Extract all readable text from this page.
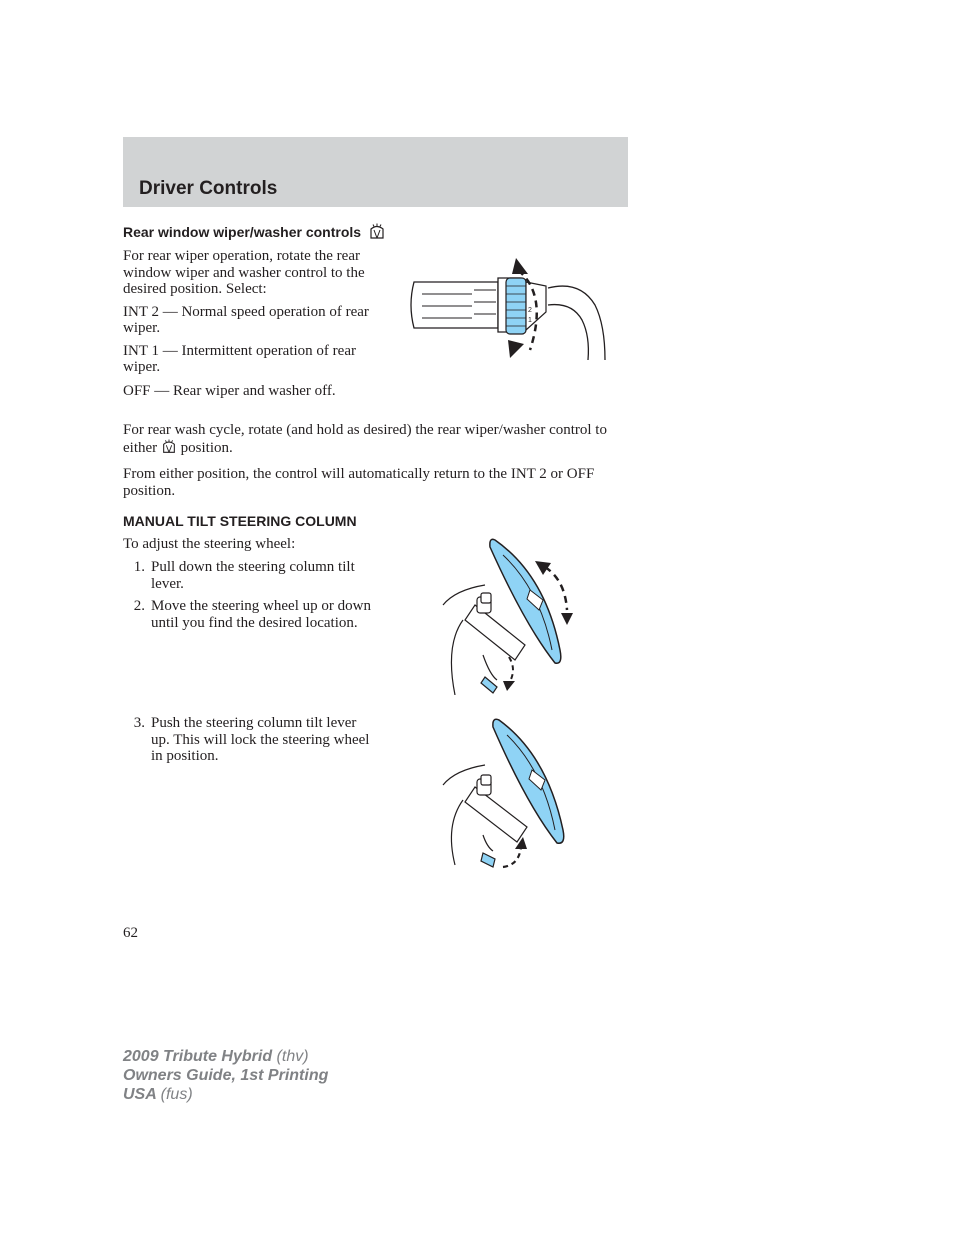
Driver Controls
Rear window wiper/washer controls

For rear wiper operation, rotate the rear window wiper and washer control to the desired position. Select:

INT 2 — Normal speed operation of rear wiper.

INT 1 — Intermittent operation of rear wiper.

OFF — Rear wiper and washer off.

2
1

For rear wash cycle, rotate (and hold as desired) the rear wiper/washer control to either position.

From either position, the control will automatically return to the INT 2 or OFF position.

MANUAL TILT STEERING COLUMN

To adjust the steering wheel:

1. Pull down the steering column tilt lever.
2. Move the steering wheel up or down until you find the desired location.
3. Push the steering column tilt lever up. This will lock the steering wheel in position.
62
2009 Tribute Hybrid (thv)
Owners Guide, 1st Printing
USA (fus)
